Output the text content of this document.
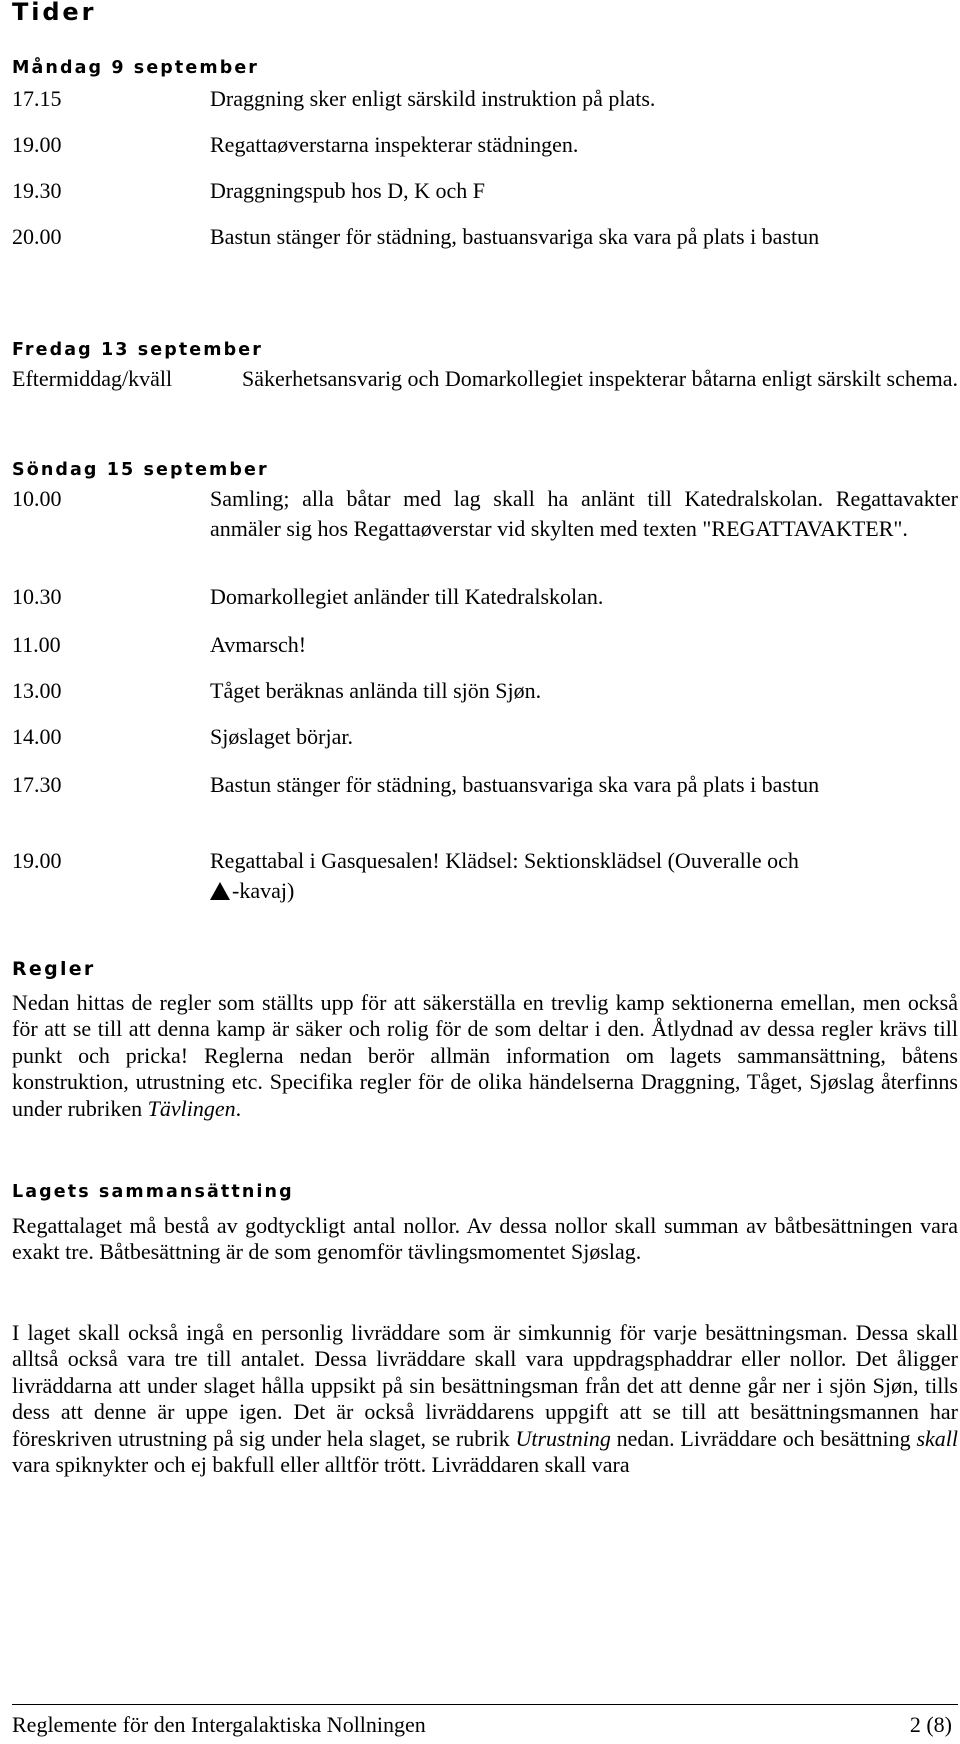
Tider
Måndag 9 september
17.15	Draggning sker enligt särskild instruktion på plats.
19.00	Regattaøverstarna inspekterar städningen.
19.30	Draggningspub hos D, K och F
20.00	Bastun stänger för städning, bastuansvariga ska vara på plats i bastun
Fredag 13 september
Eftermiddag/kväll	Säkerhetsansvarig och Domarkollegiet inspekterar båtarna enligt särskilt schema.
Söndag 15 september
10.00	Samling; alla båtar med lag skall ha anlänt till Katedralskolan. Regattavakter anmäler sig hos Regattaøverstar vid skylten med texten "REGATTAVAKTER".
10.30	Domarkollegiet anländer till Katedralskolan.
11.00	Avmarsch!
13.00	Tåget beräknas anlända till sjön Sjøn.
14.00	Sjøslaget börjar.
17.30	Bastun stänger för städning, bastuansvariga ska vara på plats i bastun
19.00	Regattabal i Gasquesalen! Klädsel: Sektionsklädsel (Ouveralle och
-kavaj)
Regler
Nedan hittas de regler som ställts upp för att säkerställa en trevlig kamp sektionerna emellan, men också för att se till att denna kamp är säker och rolig för de som deltar i den. Åtlydnad av dessa regler krävs till punkt och pricka! Reglerna nedan berör allmän information om lagets sammansättning, båtens konstruktion, utrustning etc. Specifika regler för de olika händelserna Draggning, Tåget, Sjøslag återfinns under rubriken Tävlingen.
Lagets sammansättning
Regattalaget må bestå av godtyckligt antal nollor. Av dessa nollor skall summan av båtbesättningen vara exakt tre. Båtbesättning är de som genomför tävlingsmomentet Sjøslag.
I laget skall också ingå en personlig livräddare som är simkunnig för varje besättningsman. Dessa skall alltså också vara tre till antalet. Dessa livräddare skall vara uppdragsphaddrar eller nollor. Det åligger livräddarna att under slaget hålla uppsikt på sin besättningsman från det att denne går ner i sjön Sjøn, tills dess att denne är uppe igen. Det är också livräddarens uppgift att se till att besättningsmannen har föreskriven utrustning på sig under hela slaget, se rubrik Utrustning nedan. Livräddare och besättning skall vara spiknykter och ej bakfull eller alltför trött. Livräddaren skall vara
Reglemente för den Intergalaktiska Nollningen	2 (8)
